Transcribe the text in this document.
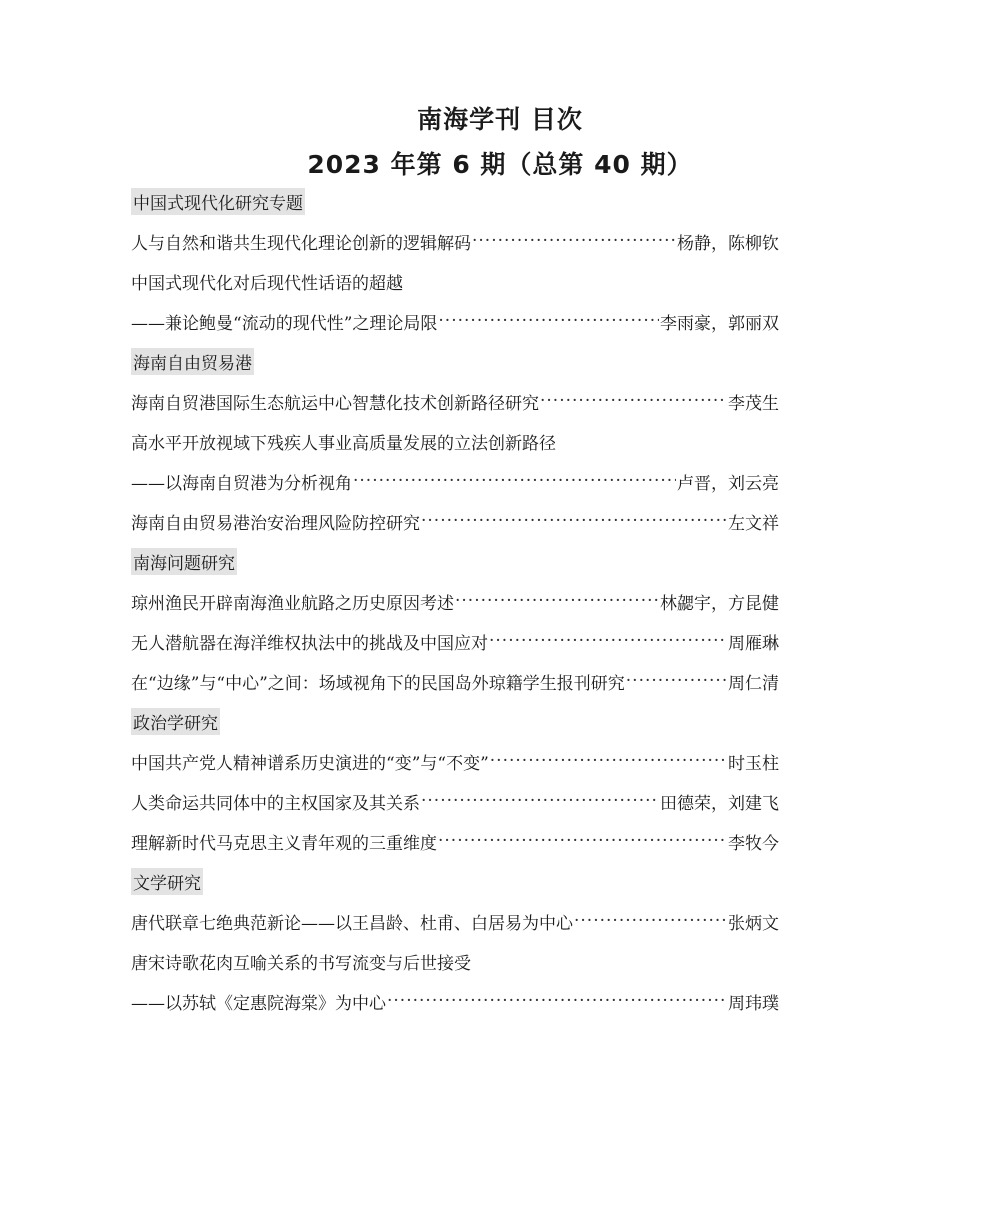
南海学刊 目次
2023 年第 6 期（总第 40 期）
中国式现代化研究专题
人与自然和谐共生现代化理论创新的逻辑解码 ·····	杨静，陈柳钦
中国式现代化对后现代性话语的超越
——兼论鲍曼“流动的现代性”之理论局限 ·····	李雨豪，郭丽双
海南自由贸易港
海南自贸港国际生态航运中心智慧化技术创新路径研究 ·····	李茂生
高水平开放视域下残疾人事业高质量发展的立法创新路径
——以海南自贸港为分析视角 ·····	卢晋，刘云亮
海南自由贸易港治安治理风险防控研究 ·····	左文祥
南海问题研究
琼州渔民开辟南海渔业航路之历史原因考述 ·····	林勰宇，方昆健
无人潜航器在海洋维权执法中的挑战及中国应对 ·····	周雁琳
在“边缘”与“中心”之间：场域视角下的民国岛外琼籍学生报刊研究 ·····	周仁清
政治学研究
中国共产党人精神谱系历史演进的“变”与“不变” ·····	时玉柱
人类命运共同体中的主权国家及其关系 ·····	田德荣，刘建飞
理解新时代马克思主义青年观的三重维度 ·····	李牧今
文学研究
唐代联章七绝典范新论——以王昌龄、杜甫、白居易为中心 ·····	张炳文
唐宋诗歌花肉互喻关系的书写流变与后世接受
——以苏轼《定惠院海棠》为中心 ·····	周玮璞
